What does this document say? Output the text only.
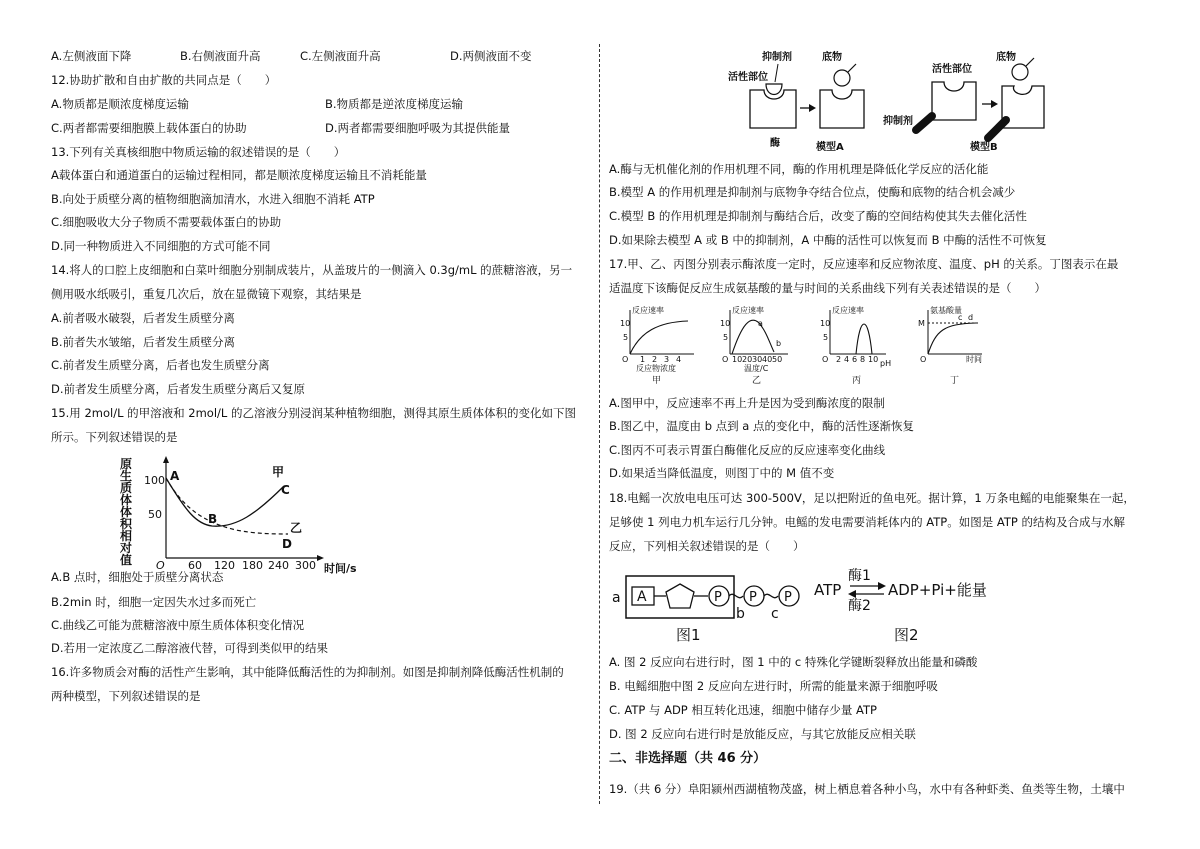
A.左侧液面下降	B.右侧液面升高	C.左侧液面升高	D.两侧液面不变
12.协助扩散和自由扩散的共同点是（　　）
A.物质都是顺浓度梯度运输	B.物质都是逆浓度梯度运输
C.两者都需要细胞膜上载体蛋白的协助	D.两者都需要细胞呼吸为其提供能量
13.下列有关真核细胞中物质运输的叙述错误的是（　　）
A载体蛋白和通道蛋白的运输过程相同，都是顺浓度梯度运输且不消耗能量
B.向处于质壁分离的植物细胞滴加清水，水进入细胞不消耗 ATP
C.细胞吸收大分子物质不需要载体蛋白的协助
D.同一种物质进入不同细胞的方式可能不同
14.将人的口腔上皮细胞和白菜叶细胞分别制成装片，从盖玻片的一侧滴入 0.3g/mL 的蔗糖溶液，另一
侧用吸水纸吸引，重复几次后，放在显微镜下观察，其结果是
A.前者吸水破裂，后者发生质壁分离
B.前者失水皱缩，后者发生质壁分离
C.前者发生质壁分离，后者也发生质壁分离
D.前者发生质壁分离，后者发生质壁分离后又复原
15.用 2mol/L 的甲溶液和 2mol/L 的乙溶液分别浸润某种植物细胞，测得其原生质体体积的变化如下图
所示。下列叙述错误的是
原
生
质
体
体
积
相
对
值
100
50
O 60 120 180 240 300 时间/s
A
B
C
D
甲
乙
A.B 点时，细胞处于质壁分离状态
B.2min 时，细胞一定因失水过多而死亡
C.曲线乙可能为蔗糖溶液中原生质体体积变化情况
D.若用一定浓度乙二醇溶液代替，可得到类似甲的结果
16.许多物质会对酶的活性产生影响，其中能降低酶活性的为抑制剂。如图是抑制剂降低酶活性机制的
两种模型，下列叙述错误的是
抑制剂	底物
活性部位
酶	模型A
活性部位
底物
抑制剂
模型B
A.酶与无机催化剂的作用机理不同，酶的作用机理是降低化学反应的活化能
B.模型 A 的作用机理是抑制剂与底物争夺结合位点，使酶和底物的结合机会减少
C.模型 B 的作用机理是抑制剂与酶结合后，改变了酶的空间结构使其失去催化活性
D.如果除去模型 A 或 B 中的抑制剂，A 中酶的活性可以恢复而 B 中酶的活性不可恢复
17.甲、乙、丙图分别表示酶浓度一定时，反应速率和反应物浓度、温度、pH 的关系。丁图表示在最
适温度下该酶促反应生成氨基酸的量与时间的关系曲线下列有关表述错误的是（　　）
反应速率
10
5
O 1 2 3 4
反应物浓度
甲
反应速率
10
5
O 10 20 30 40 50
温度/C
乙
a
b
反应速率
10
5
O 2 4 6 8 10 pH
丙
氨基酸量
M
O	时间
丁
c d
A.图甲中，反应速率不再上升是因为受到酶浓度的限制
B.图乙中，温度由 b 点到 a 点的变化中，酶的活性逐渐恢复
C.图丙不可表示胃蛋白酶催化反应的反应速率变化曲线
D.如果适当降低温度，则图丁中的 M 值不变
18.电鳐一次放电电压可达 300-500V，足以把附近的鱼电死。据计算，1 万条电鳐的电能聚集在一起，
足够使 1 列电力机车运行几分钟。电鳐的发电需要消耗体内的 ATP。如图是 ATP 的结构及合成与水解
反应，下列相关叙述错误的是（　　）
a A	P
b
P
c
P
图1
ATP
酶1
酶2
ADP+Pi+能量
图2
A. 图 2 反应向右进行时，图 1 中的 c 特殊化学键断裂释放出能量和磷酸
B. 电鳐细胞中图 2 反应向左进行时，所需的能量来源于细胞呼吸
C. ATP 与 ADP 相互转化迅速，细胞中储存少量 ATP
D. 图 2 反应向右进行时是放能反应，与其它放能反应相关联
二、非选择题（共 46 分）
19.（共 6 分）阜阳颍州西湖植物茂盛，树上栖息着各种小鸟，水中有各种虾类、鱼类等生物，土壤中
